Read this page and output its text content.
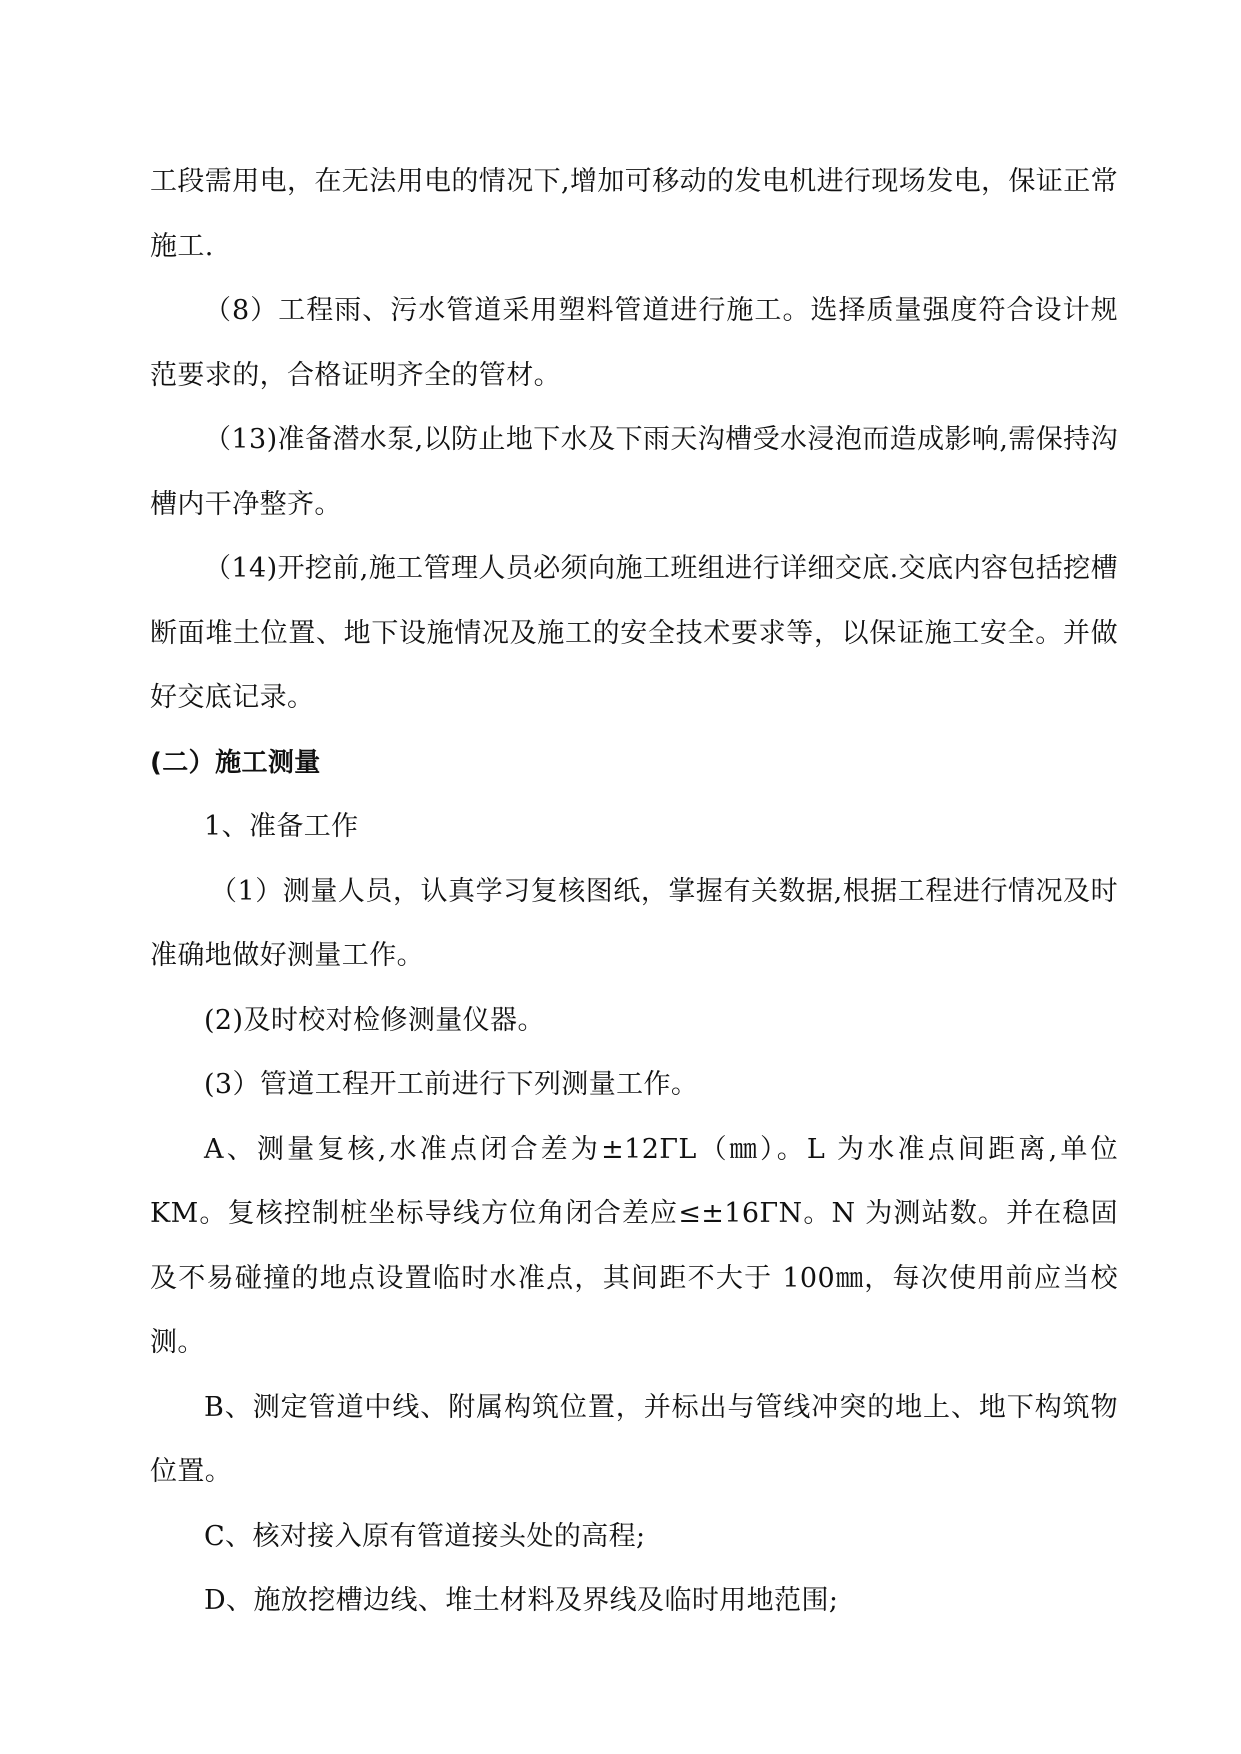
工段需用电，在无法用电的情况下,增加可移动的发电机进行现场发电，保证正常施工.

（8）工程雨、污水管道采用塑料管道进行施工。选择质量强度符合设计规范要求的，合格证明齐全的管材。

（13)准备潜水泵,以防止地下水及下雨天沟槽受水浸泡而造成影响,需保持沟槽内干净整齐。

（14)开挖前,施工管理人员必须向施工班组进行详细交底.交底内容包括挖槽断面堆土位置、地下设施情况及施工的安全技术要求等，以保证施工安全。并做好交底记录。

(二）施工测量

1、准备工作

（1）测量人员，认真学习复核图纸，掌握有关数据,根据工程进行情况及时准确地做好测量工作。

(2)及时校对检修测量仪器。

(3）管道工程开工前进行下列测量工作。

A、测量复核,水准点闭合差为±12ΓL（㎜）。L 为水准点间距离,单位 KM。复核控制桩坐标导线方位角闭合差应≤±16ΓN。N 为测站数。并在稳固及不易碰撞的地点设置临时水准点，其间距不大于 100㎜，每次使用前应当校测。

B、测定管道中线、附属构筑位置，并标出与管线冲突的地上、地下构筑物位置。

C、核对接入原有管道接头处的高程;

D、施放挖槽边线、堆土材料及界线及临时用地范围;
